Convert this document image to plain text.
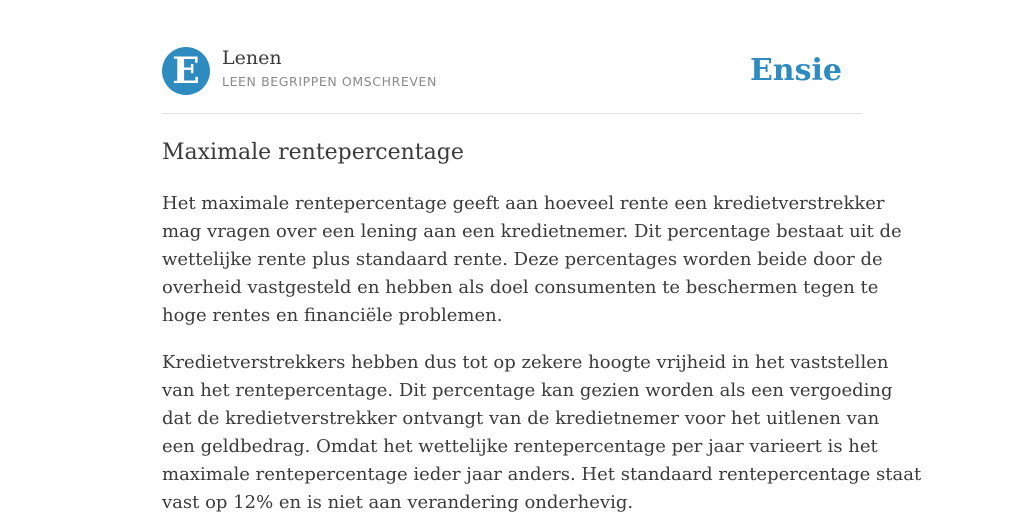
E	Lenen
LEEN BEGRIPPEN OMSCHREVEN	Ensie
Maximale rentepercentage

Het maximale rentepercentage geeft aan hoeveel rente een kredietverstrekker
mag vragen over een lening aan een kredietnemer. Dit percentage bestaat uit de
wettelijke rente plus standaard rente. Deze percentages worden beide door de
overheid vastgesteld en hebben als doel consumenten te beschermen tegen te
hoge rentes en financiële problemen.

Kredietverstrekkers hebben dus tot op zekere hoogte vrijheid in het vaststellen
van het rentepercentage. Dit percentage kan gezien worden als een vergoeding
dat de kredietverstrekker ontvangt van de kredietnemer voor het uitlenen van
een geldbedrag. Omdat het wettelijke rentepercentage per jaar varieert is het
maximale rentepercentage ieder jaar anders. Het standaard rentepercentage staat
vast op 12% en is niet aan verandering onderhevig.
